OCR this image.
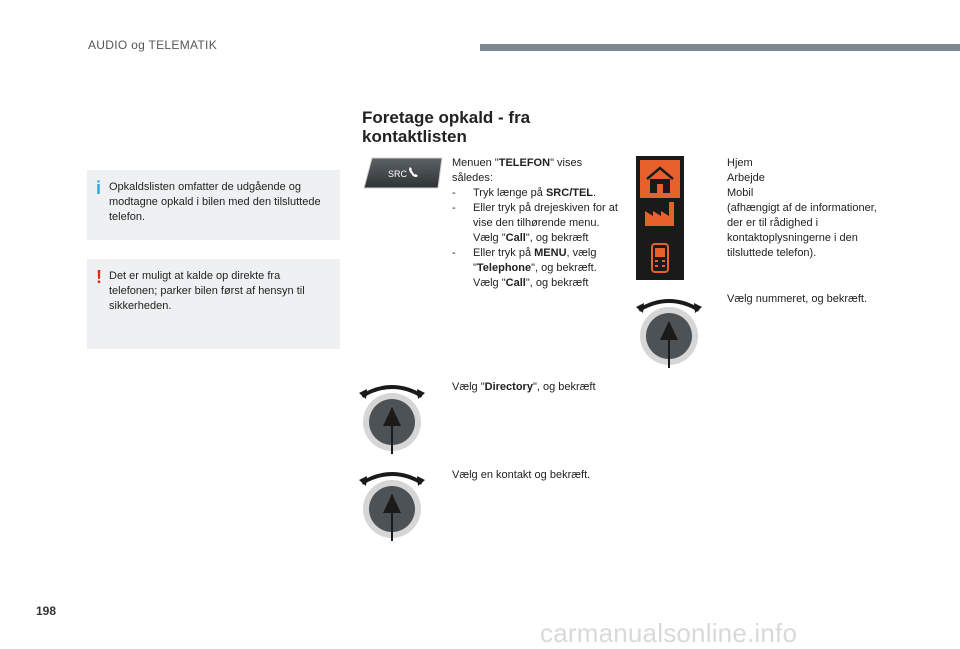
AUDIO og TELEMATIK
i Opkaldslisten omfatter de udgående og modtagne opkald i bilen med den tilsluttede telefon.
! Det er muligt at kalde op direkte fra telefonen; parker bilen først af hensyn til sikkerheden.
Foretage opkald - fra
kontaktlisten
SRC
Menuen "TELEFON" vises
således:
- Tryk længe på SRC/TEL.
- Eller tryk på drejeskiven for at vise den tilhørende menu. Vælg "Call", og bekræft
- Eller tryk på MENU, vælg "Telephone", og bekræft. Vælg "Call", og bekræft
Hjem
Arbejde
Mobil
(afhængigt af de informationer, der er til rådighed i kontaktoplysningerne i den tilsluttede telefon).
Vælg nummeret, og bekræft.
Vælg "Directory", og bekræft
Vælg en kontakt og bekræft.
198
carmanualsonline.info
